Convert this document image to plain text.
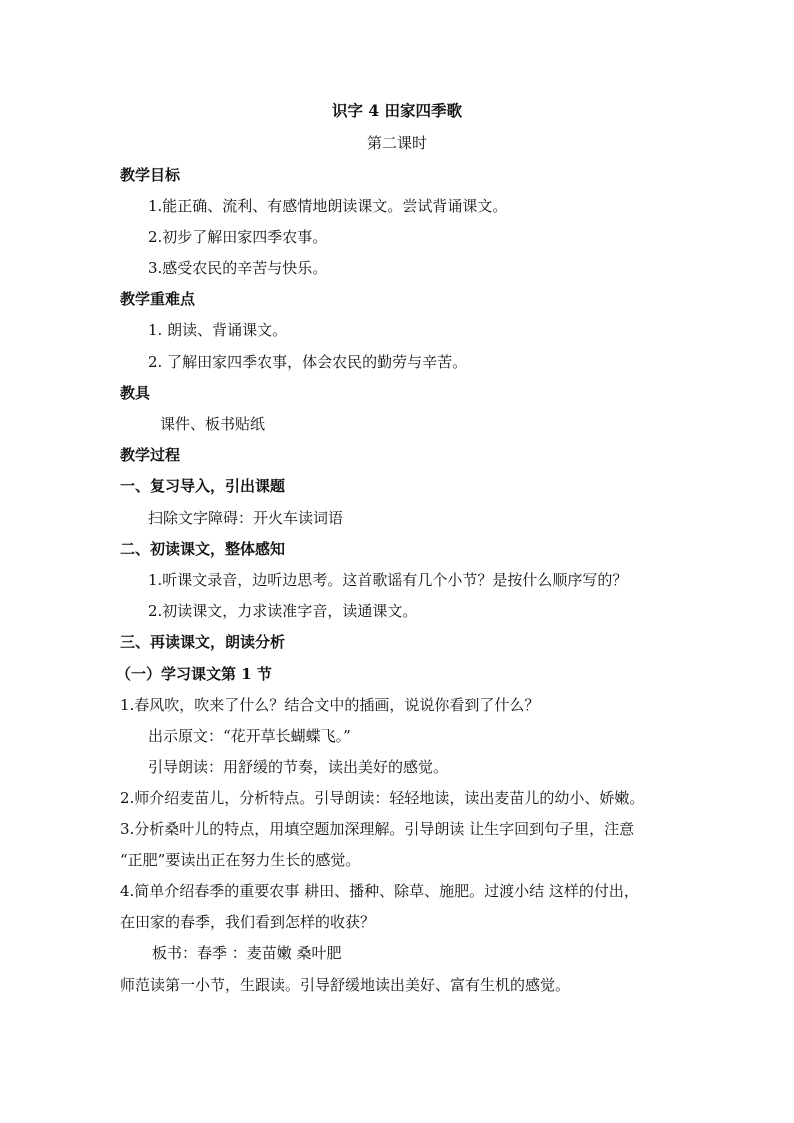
识字 4 田家四季歌
第二课时
教学目标
1.能正确、流利、有感情地朗读课文。尝试背诵课文。
2.初步了解田家四季农事。
3.感受农民的辛苦与快乐。
教学重难点
1. 朗读、背诵课文。
2. 了解田家四季农事，体会农民的勤劳与辛苦。
教具
课件、板书贴纸
教学过程
一、复习导入，引出课题
扫除文字障碍：开火车读词语
二、初读课文，整体感知
1.听课文录音，边听边思考。这首歌谣有几个小节？是按什么顺序写的？
2.初读课文，力求读准字音，读通课文。
三、再读课文，朗读分析
（一）学习课文第 1 节
1.春风吹，吹来了什么？结合文中的插画，说说你看到了什么？
出示原文：“花开草长蝴蝶飞。”
引导朗读：用舒缓的节奏，读出美好的感觉。
2.师介绍麦苗儿，分析特点。引导朗读：轻轻地读，读出麦苗儿的幼小、娇嫩。
3.分析桑叶儿的特点，用填空题加深理解。引导朗读 让生字回到句子里，注意
“正肥”要读出正在努力生长的感觉。
4.简单介绍春季的重要农事 耕田、播种、除草、施肥。过渡小结 这样的付出，
在田家的春季，我们看到怎样的收获？
板书：春季 ：麦苗嫩 桑叶肥
师范读第一小节，生跟读。引导舒缓地读出美好、富有生机的感觉。
